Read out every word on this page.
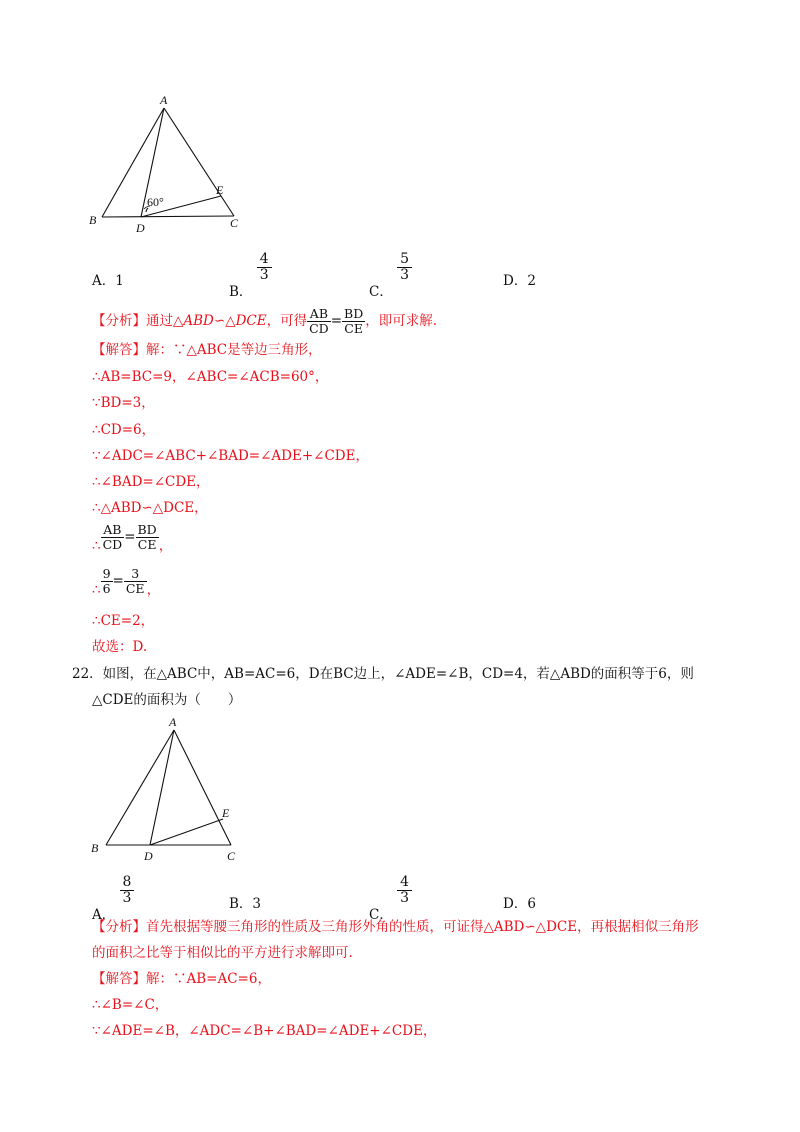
A
B	C
D
E
60°
A．1
B．
$\frac{4}{3}$
C．
$\frac{5}{3}$	D．2
【分析】通过△ABD∽△DCE，可得 $\frac{AB}{CD} = \frac{BD}{CE}$ ，即可求解.
【解答】解：∵△ABC是等边三角形，
∴AB=BC=9，∠ABC=∠ACB=60°，
∵BD=3，
∴CD=6，
∵∠ADC=∠ABC+∠BAD=∠ADE+∠CDE，
∴∠BAD=∠CDE，
∴△ABD∽△DCE，
∴ $\frac{AB}{CD} = \frac{BD}{CE}$ ，
∴ $\frac{9}{6} = \frac{3}{CE}$ ，
∴CE=2，
故选：D.
22．如图，在△ABC中，AB=AC=6，D在BC边上，∠ADE=∠B，CD=4，若△ABD的面积等于6，则
△CDE的面积为（　　）
A
B
C
D
E
A．
$\frac{8}{3}$	B．3
C．
$\frac{4}{3}$	D．6
【分析】首先根据等腰三角形的性质及三角形外角的性质，可证得△ABD∽△DCE，再根据相似三角形
的面积之比等于相似比的平方进行求解即可.
【解答】解：∵AB=AC=6，
∴∠B=∠C，
∵∠ADE=∠B，∠ADC=∠B+∠BAD=∠ADE+∠CDE，
